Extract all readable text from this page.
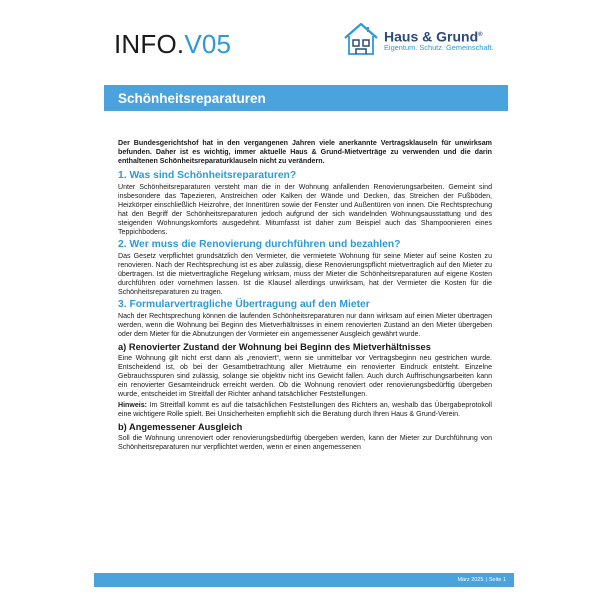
INFO.V05	Haus & Grund®
Eigentum. Schutz. Gemeinschaft.
Schönheitsreparaturen

Der Bundesgerichtshof hat in den vergangenen Jahren viele anerkannte Vertragsklauseln für unwirksam befunden. Daher ist es wichtig, immer aktuelle Haus & Grund-Mietverträge zu verwenden und die darin enthaltenen Schönheitsreparaturklauseln nicht zu verändern.

1. Was sind Schönheitsreparaturen?

Unter Schönheitsreparaturen versteht man die in der Wohnung anfallenden Renovierungsarbeiten. Gemeint sind insbesondere das Tapezieren, Anstreichen oder Kalken der Wände und Decken, das Streichen der Fußböden, Heizkörper einschließlich Heizrohre, der Innentüren sowie der Fenster und Außentüren von innen. Die Rechtsprechung hat den Begriff der Schönheitsreparaturen jedoch aufgrund der sich wandelnden Wohnungsausstattung und des steigenden Wohnungskomforts ausgedehnt. Mitumfasst ist daher zum Beispiel auch das Shampoonieren eines Teppichbodens.

2. Wer muss die Renovierung durchführen und bezahlen?

Das Gesetz verpflichtet grundsätzlich den Vermieter, die vermietete Wohnung für seine Mieter auf seine Kosten zu renovieren. Nach der Rechtsprechung ist es aber zulässig, diese Renovierungspflicht mietvertraglich auf den Mieter zu übertragen. Ist die mietvertragliche Regelung wirksam, muss der Mieter die Schönheitsreparaturen auf eigene Kosten durchführen oder vornehmen lassen. Ist die Klausel allerdings unwirksam, hat der Vermieter die Kosten für die Schönheitsreparaturen zu tragen.

3. Formularvertragliche Übertragung auf den Mieter

Nach der Rechtsprechung können die laufenden Schönheitsreparaturen nur dann wirksam auf einen Mieter übertragen werden, wenn die Wohnung bei Beginn des Mietverhältnisses in einem renovierten Zustand an den Mieter übergeben oder dem Mieter für die Abnutzungen der Vormieter ein angemessener Ausgleich gewährt wurde.

a) Renovierter Zustand der Wohnung bei Beginn des Mietverhältnisses

Eine Wohnung gilt nicht erst dann als „renoviert“, wenn sie unmittelbar vor Vertragsbeginn neu gestrichen wurde. Entscheidend ist, ob bei der Gesamtbetrachtung aller Mieträume ein renovierter Eindruck entsteht. Einzelne Gebrauchsspuren sind zulässig, solange sie objektiv nicht ins Gewicht fallen. Auch durch Auffrischungsarbeiten kann ein renovierter Gesamteindruck erreicht werden. Ob die Wohnung renoviert oder renovierungsbedürftig übergeben wurde, entscheidet im Streitfall der Richter anhand tatsächlicher Feststellungen.

Hinweis: Im Streitfall kommt es auf die tatsächlichen Feststellungen des Richters an, weshalb das Übergabeprotokoll eine wichtigere Rolle spielt. Bei Unsicherheiten empfiehlt sich die Beratung durch Ihren Haus & Grund-Verein.

b) Angemessener Ausgleich

Soll die Wohnung unrenoviert oder renovierungsbedürftig übergeben werden, kann der Mieter zur Durchführung von Schönheitsreparaturen nur verpflichtet werden, wenn er einen angemessenen

März 2025 | Seite 1
